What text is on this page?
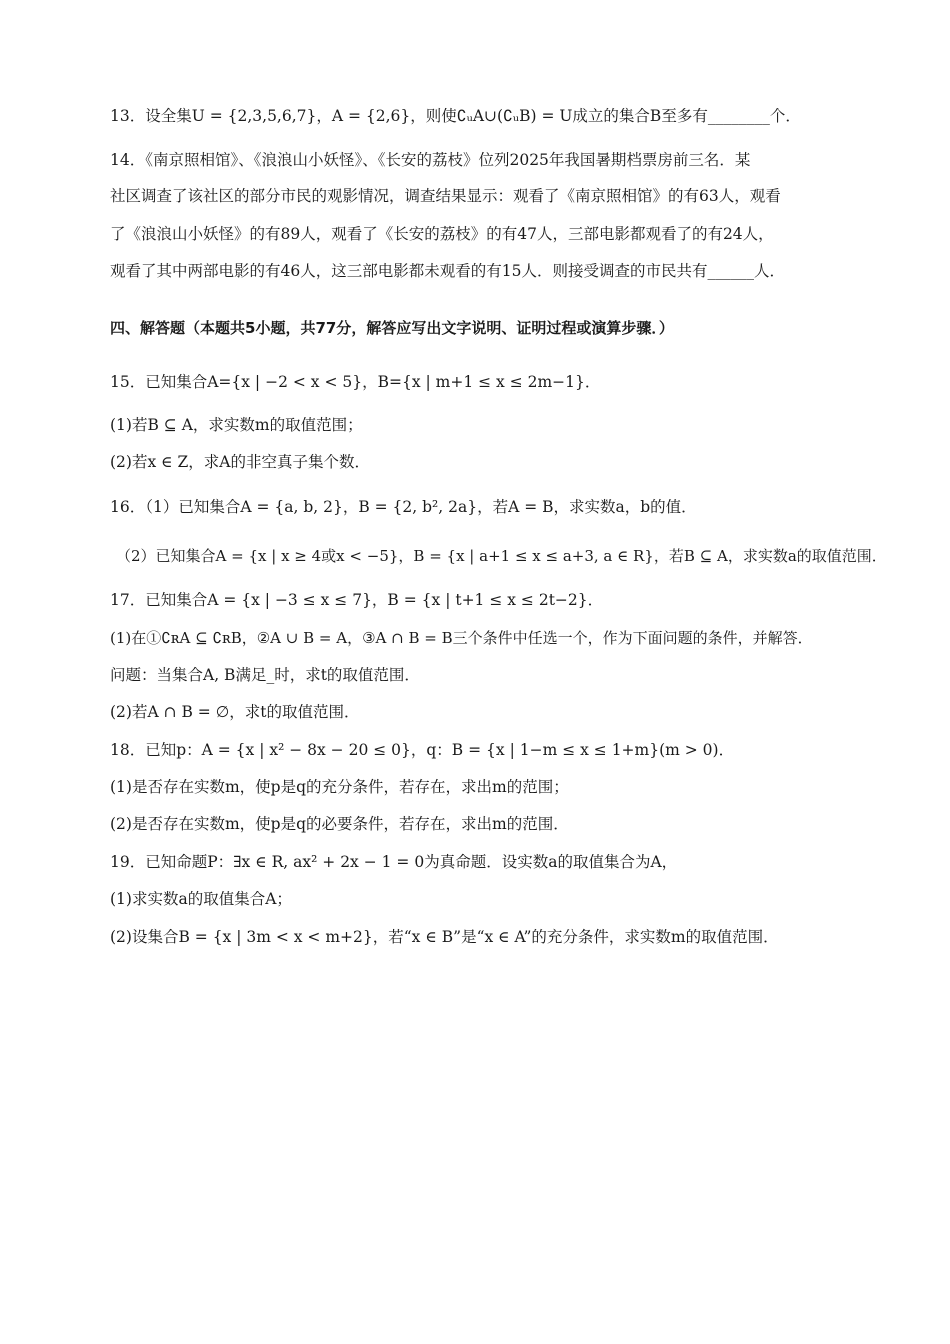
13．设全集U = {2,3,5,6,7}，A = {2,6}，则使∁ᵤA∪(∁ᵤB) = U成立的集合B至多有________个．
14．《南京照相馆》、《浪浪山小妖怪》、《长安的荔枝》位列2025年我国暑期档票房前三名．某
社区调查了该社区的部分市民的观影情况，调查结果显示：观看了《南京照相馆》的有63人，观看
了《浪浪山小妖怪》的有89人，观看了《长安的荔枝》的有47人，三部电影都观看了的有24人，
观看了其中两部电影的有46人，这三部电影都未观看的有15人．则接受调查的市民共有______人．
四、解答题（本题共5小题，共77分，解答应写出文字说明、证明过程或演算步骤．）
15．已知集合A={x | −2 < x < 5}，B={x | m+1 ≤ x ≤ 2m−1}．
(1)若B ⊆ A，求实数m的取值范围；
(2)若x ∈ Z，求A的非空真子集个数．
16．（1）已知集合A = {a, b, 2}，B = {2, b², 2a}，若A = B，求实数a，b的值．
（2）已知集合A = {x | x ≥ 4或x < −5}，B = {x | a+1 ≤ x ≤ a+3, a ∈ R}，若B ⊆ A，求实数a的取值范围．
17．已知集合A = {x | −3 ≤ x ≤ 7}，B = {x | t+1 ≤ x ≤ 2t−2}．
(1)在①∁ʀA ⊆ ∁ʀB，②A ∪ B = A，③A ∩ B = B三个条件中任选一个，作为下面问题的条件，并解答．
问题：当集合A, B满足_时，求t的取值范围．
(2)若A ∩ B = ∅，求t的取值范围．
18．已知p：A = {x | x² − 8x − 20 ≤ 0}，q：B = {x | 1−m ≤ x ≤ 1+m}(m > 0)．
(1)是否存在实数m，使p是q的充分条件，若存在，求出m的范围；
(2)是否存在实数m，使p是q的必要条件，若存在，求出m的范围．
19．已知命题P：∃x ∈ R, ax² + 2x − 1 = 0为真命题．设实数a的取值集合为A，
(1)求实数a的取值集合A；
(2)设集合B = {x | 3m < x < m+2}，若“x ∈ B”是“x ∈ A”的充分条件，求实数m的取值范围．
